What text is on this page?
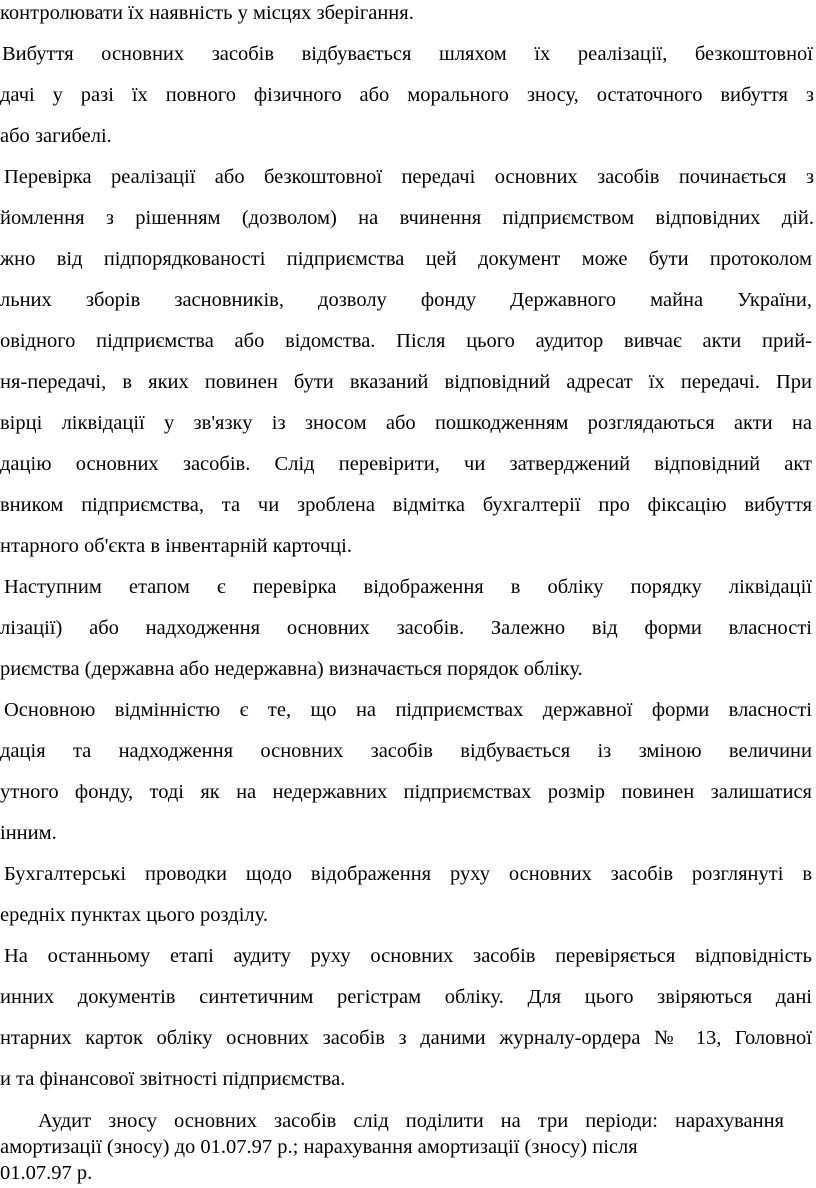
контролювати їх наявність у місцях зберігання.
Вибуття основних засобів відбувається шляхом їх реалізації, безкоштовної
дачі у разі їх повного фізичного або морального зносу, остаточного вибуття з
або загибелі.
Перевірка реалізації або безкоштовної передачі основних засобів починається з
йомлення з рішенням (дозволом) на вчинення підприємством відповідних дій.
жно від підпорядкованості підприємства цей документ може бути протоколом
льних зборів засновників, дозволу фонду Державного майна України,
овідного підприємства або відомства. Після цього аудитор вивчає акти прий-
ня-передачі, в яких повинен бути вказаний відповідний адресат їх передачі. При
вірці ліквідації у зв'язку із зносом або пошкодженням розглядаються акти на
дацію основних засобів. Слід перевірити, чи затверджений відповідний акт
вником підприємства, та чи зроблена відмітка бухгалтерії про фіксацію вибуття
нтарного об'єкта в інвентарній карточці.
Наступним етапом є перевірка відображення в обліку порядку ліквідації
лізації) або надходження основних засобів. Залежно від форми власності
риємства (державна або недержавна) визначається порядок обліку.
Основною відмінністю є те, що на підприємствах державної форми власності
дація та надходження основних засобів відбувається із зміною величини
утного фонду, тоді як на недержавних підприємствах розмір повинен залишатися
інним.
Бухгалтерські проводки щодо відображення руху основних засобів розглянуті в
ередніх пунктах цього розділу.
На останньому етапі аудиту руху основних засобів перевіряється відповідність
инних документів синтетичним регістрам обліку. Для цього звіряються дані
нтарних карток обліку основних засобів з даними журналу-ордера № 13, Головної
и та фінансової звітності підприємства.
Аудит зносу основних засобів слід поділити на три періоди: нарахування
амортизації (зносу) до 01.07.97 р.; нарахування амортизації (зносу) після
01.07.97 р.
